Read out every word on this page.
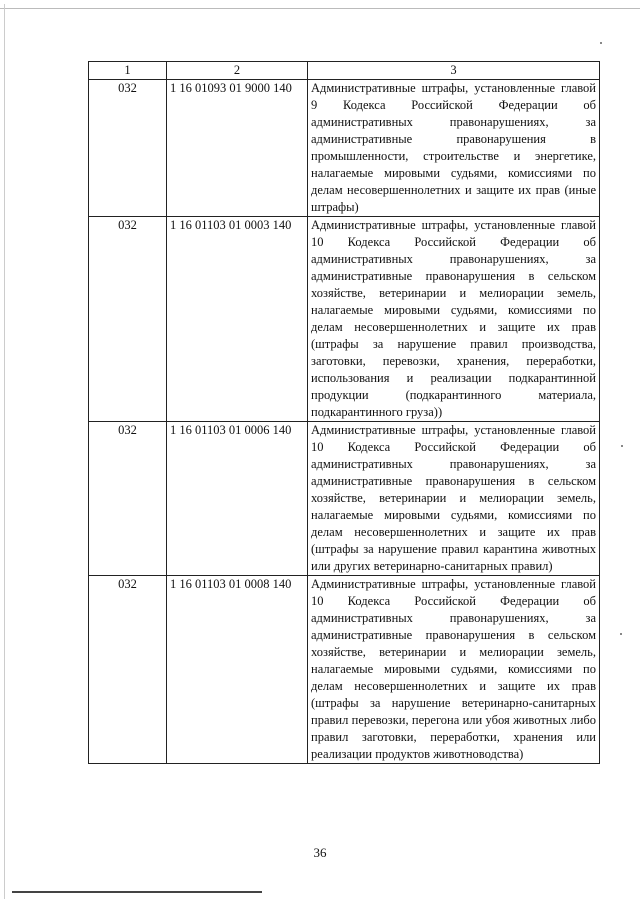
1	2	3
032	1 16 01093 01 9000 140	Административные штрафы, установленные главой 9 Кодекса Российской Федерации об административных правонарушениях, за административные правонарушения в промышленности, строительстве и энергетике, налагаемые мировыми судьями, комиссиями по делам несовершеннолетних и защите их прав (иные штрафы)
032	1 16 01103 01 0003 140	Административные штрафы, установленные главой 10 Кодекса Российской Федерации об административных правонарушениях, за административные правонарушения в сельском хозяйстве, ветеринарии и мелиорации земель, налагаемые мировыми судьями, комиссиями по делам несовершеннолетних и защите их прав (штрафы за нарушение правил производства, заготовки, перевозки, хранения, переработки, использования и реализации подкарантинной продукции (подкарантинного материала, подкарантинного груза))
032	1 16 01103 01 0006 140	Административные штрафы, установленные главой 10 Кодекса Российской Федерации об административных правонарушениях, за административные правонарушения в сельском хозяйстве, ветеринарии и мелиорации земель, налагаемые мировыми судьями, комиссиями по делам несовершеннолетних и защите их прав (штрафы за нарушение правил карантина животных или других ветеринарно-санитарных правил)
032	1 16 01103 01 0008 140	Административные штрафы, установленные главой 10 Кодекса Российской Федерации об административных правонарушениях, за административные правонарушения в сельском хозяйстве, ветеринарии и мелиорации земель, налагаемые мировыми судьями, комиссиями по делам несовершеннолетних и защите их прав (штрафы за нарушение ветеринарно-санитарных правил перевозки, перегона или убоя животных либо правил заготовки, переработки, хранения или реализации продуктов животноводства)
36
